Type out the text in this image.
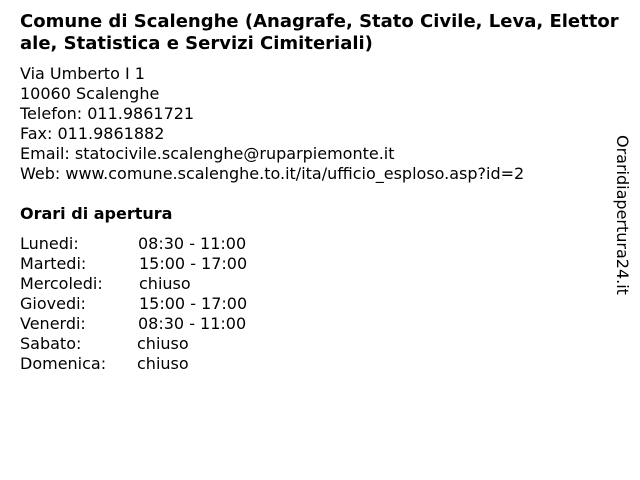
Comune di Scalenghe (Anagrafe, Stato Civile, Leva, Elettorale, Statistica e Servizi Cimiteriali)
Via Umberto I 1
10060 Scalenghe
Telefon: 011.9861721
Fax: 011.9861882
Email: statocivile.scalenghe@ruparpiemonte.it
Web: www.comune.scalenghe.to.it/ita/ufficio_esploso.asp?id=2
Orari di apertura
Lunedi:	08:30 - 11:00
Martedi:	15:00 - 17:00
Mercoledi: chiuso
Giovedi:	15:00 - 17:00
Venerdi:	08:30 - 11:00
Sabato:	chiuso
Domenica: chiuso
Oraridiapertura24.it
